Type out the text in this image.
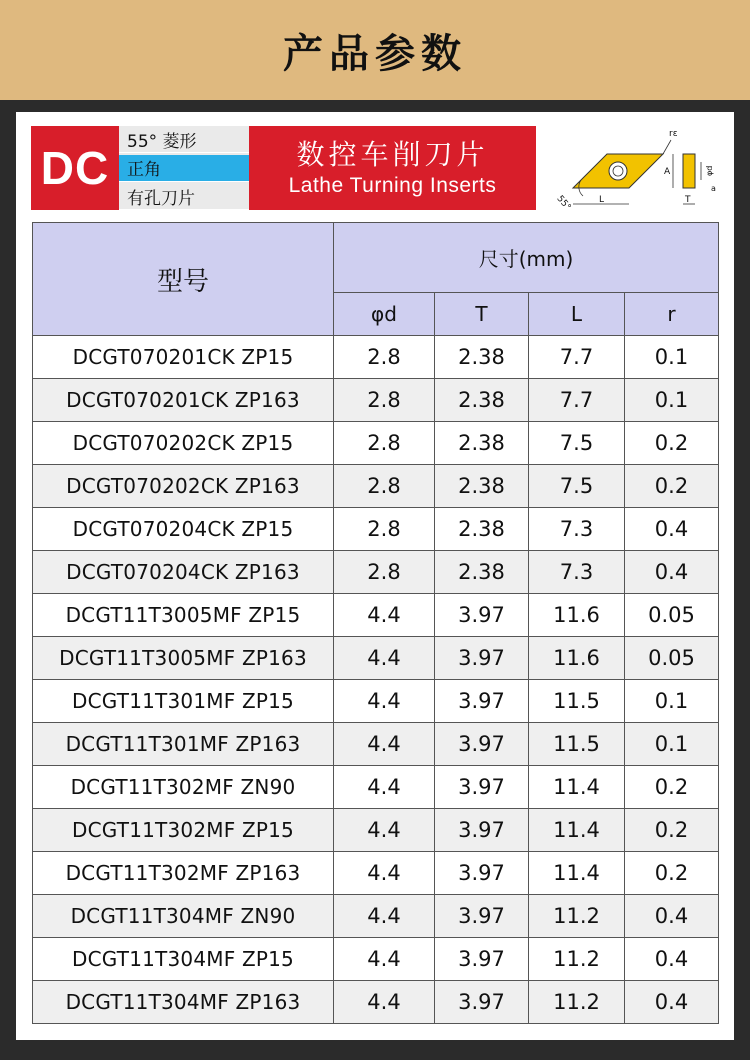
产品参数
DC
55° 菱形
正角
有孔刀片
数控车削刀片
Lathe Turning Inserts
rε
A	φd
a
L	T
55°
型号	尺寸(mm)			
	φd	T	L	r
DCGT070201CK ZP15	2.8	2.38	7.7	0.1
DCGT070201CK ZP163	2.8	2.38	7.7	0.1
DCGT070202CK ZP15	2.8	2.38	7.5	0.2
DCGT070202CK ZP163	2.8	2.38	7.5	0.2
DCGT070204CK ZP15	2.8	2.38	7.3	0.4
DCGT070204CK ZP163	2.8	2.38	7.3	0.4
DCGT11T3005MF ZP15	4.4	3.97	11.6	0.05
DCGT11T3005MF ZP163	4.4	3.97	11.6	0.05
DCGT11T301MF ZP15	4.4	3.97	11.5	0.1
DCGT11T301MF ZP163	4.4	3.97	11.5	0.1
DCGT11T302MF ZN90	4.4	3.97	11.4	0.2
DCGT11T302MF ZP15	4.4	3.97	11.4	0.2
DCGT11T302MF ZP163	4.4	3.97	11.4	0.2
DCGT11T304MF ZN90	4.4	3.97	11.2	0.4
DCGT11T304MF ZP15	4.4	3.97	11.2	0.4
DCGT11T304MF ZP163	4.4	3.97	11.2	0.4
